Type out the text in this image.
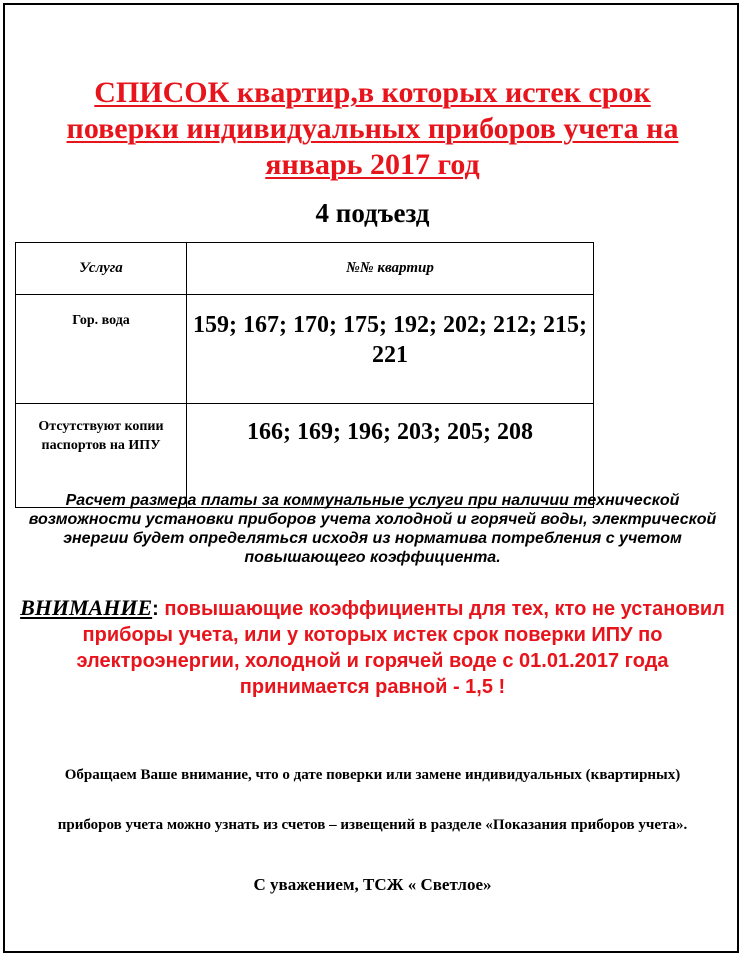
СПИСОК квартир,в которых истек срок
поверки индивидуальных приборов учета на
январь 2017 год
4 подъезд
Услуга	№№ квартир
Гор. вода	159; 167; 170; 175; 192; 202; 212; 215; 221
Отсутствуют копии паспортов на ИПУ	166; 169; 196; 203; 205; 208
Расчет размера платы за коммунальные услуги при наличии технической возможности установки приборов учета холодной и горячей воды, электрической энергии будет определяться исходя из норматива потребления с учетом повышающего коэффициента.
ВНИМАНИЕ: повышающие коэффициенты для тех, кто не установил приборы учета, или у которых истек срок поверки ИПУ по электроэнергии, холодной и горячей воде с 01.01.2017 года принимается равной - 1,5 !
Обращаем Ваше внимание, что о дате поверки или замене индивидуальных (квартирных)
приборов учета можно узнать из счетов – извещений в разделе «Показания приборов учета».
С уважением, ТСЖ « Светлое»
